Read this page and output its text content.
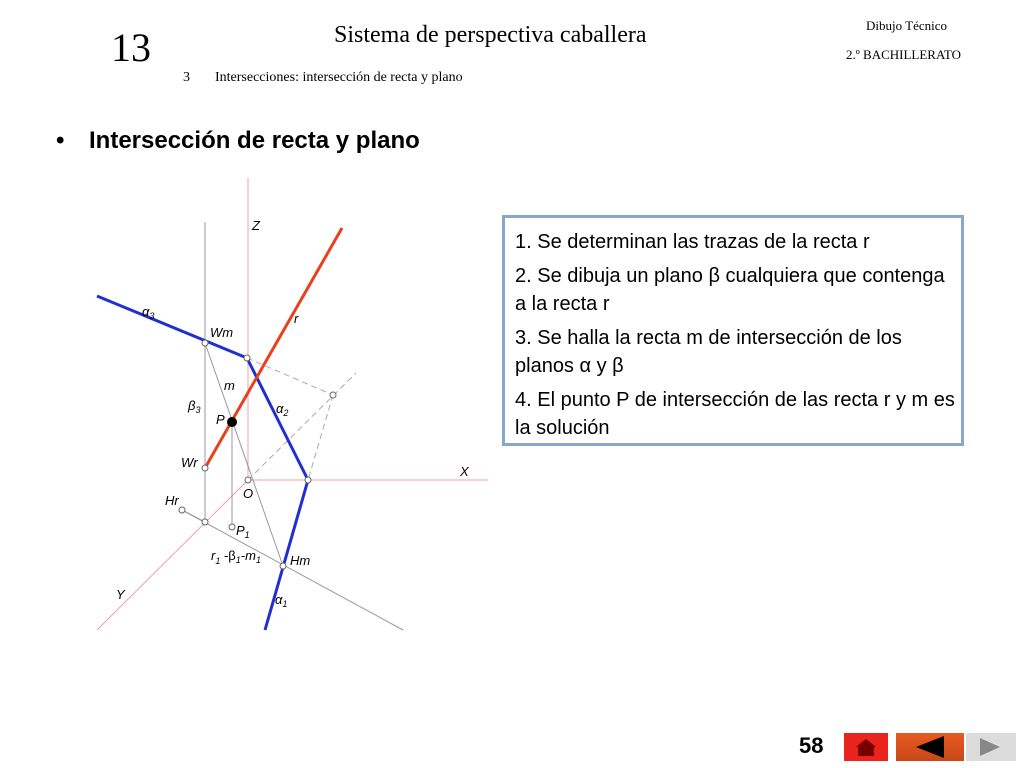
13	Sistema de perspectiva caballera
3 Intersecciones: intersección de recta y plano
Dibujo Técnico
2.º BACHILLERATO
• Intersección de recta y plano
Z
X
Y
O
r
m
P
Wm
Wr
Hr
Hm
$P_1$
$\alpha_3$
$\alpha_2$
$\alpha_1$
$\beta_3$
$r_1$ $-\beta_1-m_1$
1. Se determinan las trazas de la recta r
2. Se dibuja un plano β cualquiera que contenga a la recta r
3. Se halla la recta m de intersección de los planos α y β
4. El punto P de intersección de las recta r y m es la solución
58
